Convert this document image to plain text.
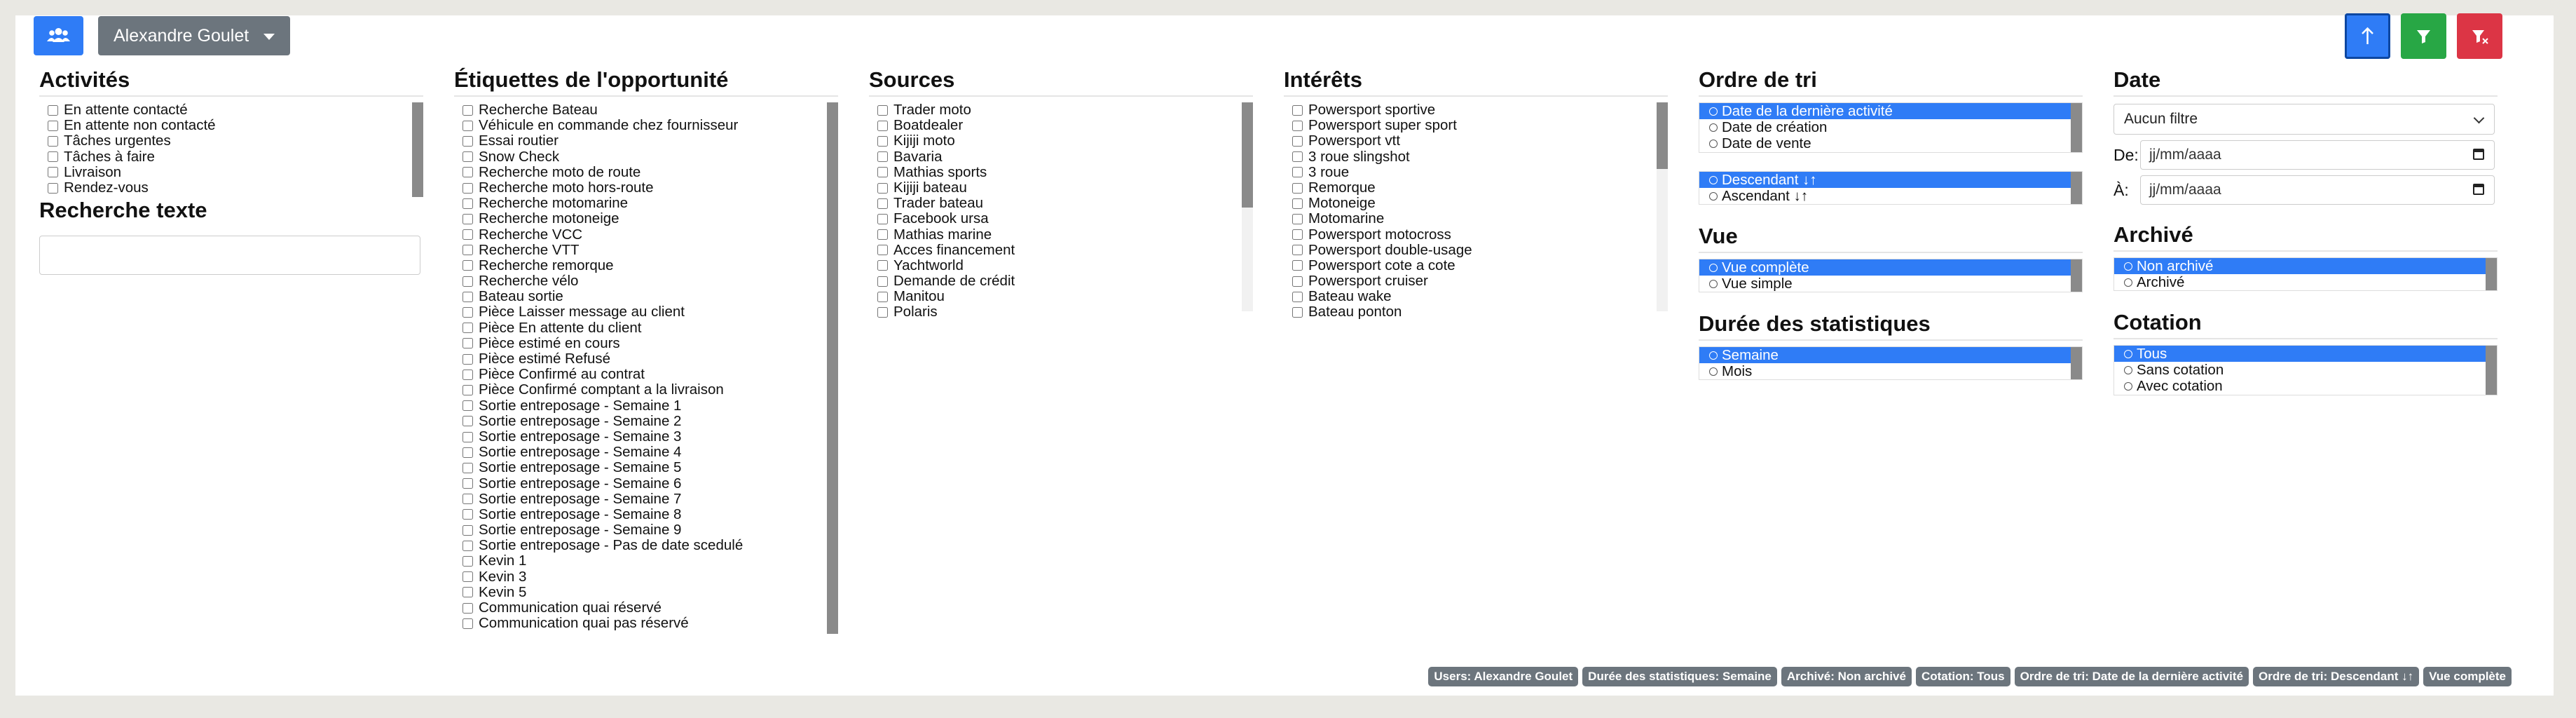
Alexandre Goulet
Activités
En attente contacté
En attente non contacté
Tâches urgentes
Tâches à faire
Livraison
Rendez-vous
Recherche texte
Étiquettes de l'opportunité
Recherche Bateau
Véhicule en commande chez fournisseur
Essai routier
Snow Check
Recherche moto de route
Recherche moto hors-route
Recherche motomarine
Recherche motoneige
Recherche VCC
Recherche VTT
Recherche remorque
Recherche vélo
Bateau sortie
Pièce Laisser message au client
Pièce En attente du client
Pièce estimé en cours
Pièce estimé Refusé
Pièce Confirmé au contrat
Pièce Confirmé comptant a la livraison
Sortie entreposage - Semaine 1
Sortie entreposage - Semaine 2
Sortie entreposage - Semaine 3
Sortie entreposage - Semaine 4
Sortie entreposage - Semaine 5
Sortie entreposage - Semaine 6
Sortie entreposage - Semaine 7
Sortie entreposage - Semaine 8
Sortie entreposage - Semaine 9
Sortie entreposage - Pas de date scedulé
Kevin 1
Kevin 3
Kevin 5
Communication quai réservé
Communication quai pas réservé
Sources
Trader moto
Boatdealer
Kijiji moto
Bavaria
Mathias sports
Kijiji bateau
Trader bateau
Facebook ursa
Mathias marine
Acces financement
Yachtworld
Demande de crédit
Manitou
Polaris
Intérêts
Powersport sportive
Powersport super sport
Powersport vtt
3 roue slingshot
3 roue
Remorque
Motoneige
Motomarine
Powersport motocross
Powersport double-usage
Powersport cote a cote
Powersport cruiser
Bateau wake
Bateau ponton
Ordre de tri
Date de la dernière activité
Date de création
Date de vente
Descendant ↓↑
Ascendant ↓↑
Vue
Vue complète
Vue simple
Durée des statistiques
Semaine
Mois
Date
Aucun filtre
De: jj/mm/aaaa
À:	jj/mm/aaaa
Archivé
Non archivé
Archivé
Cotation
Tous
Sans cotation
Avec cotation
Users: Alexandre Goulet	Durée des statistiques: Semaine	Archivé: Non archivé	Cotation: Tous	Ordre de tri: Date de la dernière activité	Ordre de tri: Descendant ↓↑	Vue complète
